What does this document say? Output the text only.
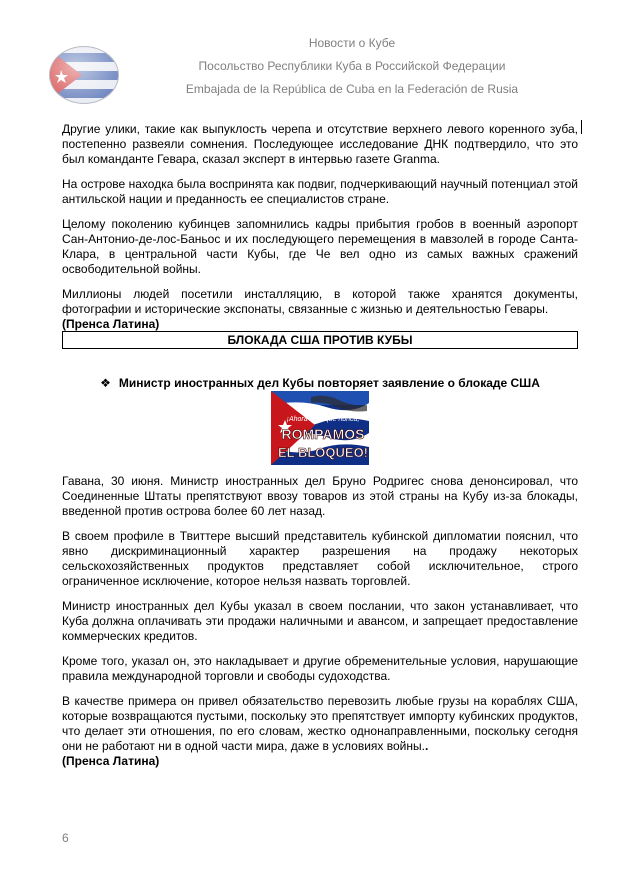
Новости о Кубе
Посольство Республики Куба в Российской Федерации
Embajada de la República de Cuba en la Federación de Rusia

Другие улики, такие как выпуклость черепа и отсутствие верхнего левого коренного зуба, постепенно развеяли сомнения. Последующее исследование ДНК подтвердило, что это был команданте Гевара, сказал эксперт в интервью газете Granma.

На острове находка была воспринята как подвиг, подчеркивающий научный потенциал этой антильской нации и преданность ее специалистов стране.

Целому поколению кубинцев запомнились кадры прибытия гробов в военный аэропорт Сан-Антонио-де-лос-Баньос и их последующего перемещения в мавзолей в городе Санта-Клара, в центральной части Кубы, где Че вел одно из самых важных сражений освободительной войны.

Миллионы людей посетили инсталляцию, в которой также хранятся документы, фотографии и исторические экспонаты, связанные с жизнью и деятельностью Гевары.
(Пренса Латина)

БЛОКАДА США ПРОТИВ КУБЫ
❖ Министр иностранных дел Кубы повторяет заявление о блокаде США
¡Ahora más que nunca,
ROMPAMOS
EL BLOQUEO!

Гавана, 30 июня. Министр иностранных дел Бруно Родригес снова денонсировал, что Соединенные Штаты препятствуют ввозу товаров из этой страны на Кубу из-за блокады, введенной против острова более 60 лет назад.

В своем профиле в Твиттере высший представитель кубинской дипломатии пояснил, что явно дискриминационный характер разрешения на продажу некоторых сельскохозяйственных продуктов представляет собой исключительное, строго ограниченное исключение, которое нельзя назвать торговлей.

Министр иностранных дел Кубы указал в своем послании, что закон устанавливает, что Куба должна оплачивать эти продажи наличными и авансом, и запрещает предоставление коммерческих кредитов.

Кроме того, указал он, это накладывает и другие обременительные условия, нарушающие правила международной торговли и свободы судоходства.

В качестве примера он привел обязательство перевозить любые грузы на кораблях США, которые возвращаются пустыми, поскольку это препятствует импорту кубинских продуктов, что делает эти отношения, по его словам, жестко однонаправленными, поскольку сегодня они не работают ни в одной части мира, даже в условиях войны..
(Пренса Латина)

6
